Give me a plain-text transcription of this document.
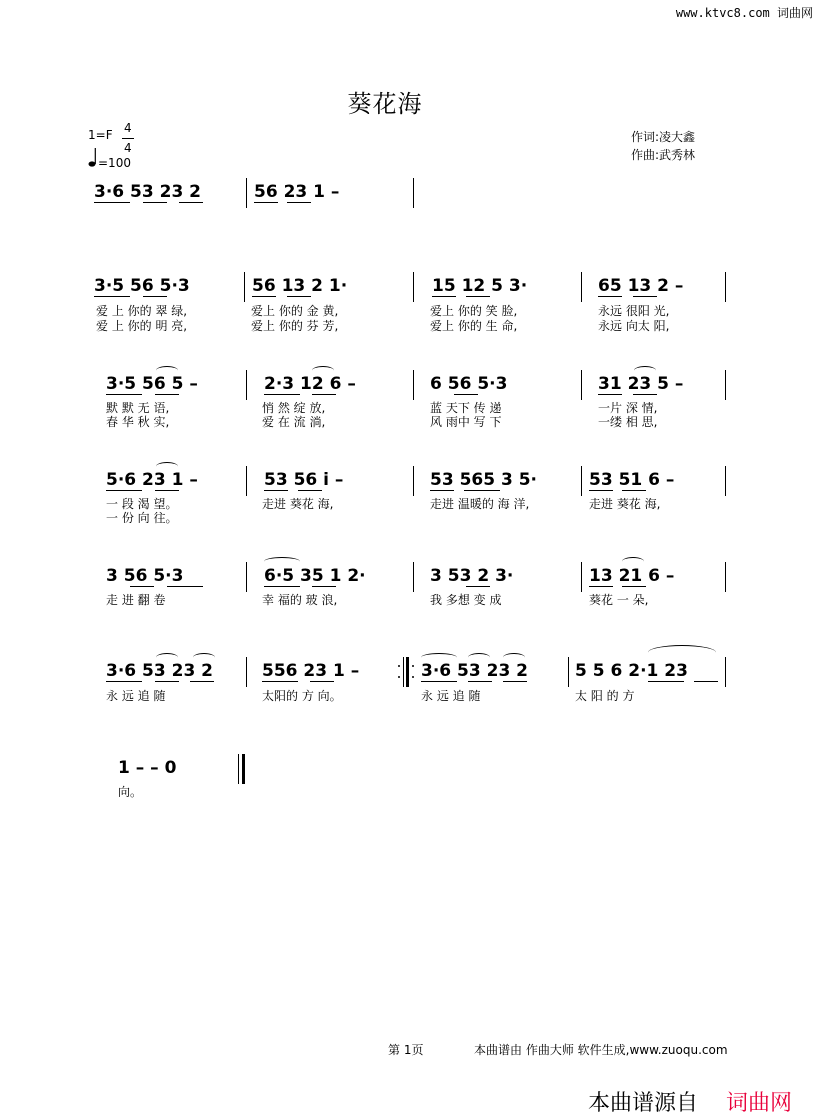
www.ktvc8.com 词曲网
葵花海
1=F 4
4
=100
作词:凌大鑫
作曲:武秀林
3·6 53 23 2	56 23 1 –
3·5 56 5·3	56 13 2 1·	15 12 5 3·	65 13 2 –
爱 上 你的 翠 绿,	爱上 你的 金 黄,	爱上 你的 笑 脸,	永远 很阳 光,
爱 上 你的 明 亮,	爱上 你的 芬 芳,	爱上 你的 生 命,	永远 向太 阳,
3·5 56 5 –	2·3 12 6 –	6 56 5·3	31 23 5 –
默 默 无 语,	悄 然 绽 放,	蓝 天下 传 递	一片 深 情,
春 华 秋 实,	爱 在 流 淌,	风 雨中 写 下	一缕 相 思,
5·6 23 1 –	53 56 i –	53 565 3 5·	53 51 6 –
一 段 渴 望。	走进 葵花 海,	走进 温暖的 海 洋,	走进 葵花 海,
一 份 向 往。
3 56 5·3	6·5 35 1 2·	3 53 2 3·	13 21 6 –
走 进 翻 卷	幸 福的 玻 浪,	我 多想 变 成	葵花 一 朵,
3·6 53 23 2	556 23 1 –	3·6 53 23 2	5 5 6 2·1 23
永 远 追 随	太阳的 方 向。	永 远 追 随	太 阳 的 方
1 – – 0
向。
第 1页	本曲谱由 作曲大师 软件生成,www.zuoqu.com
本曲谱源自 词曲网
